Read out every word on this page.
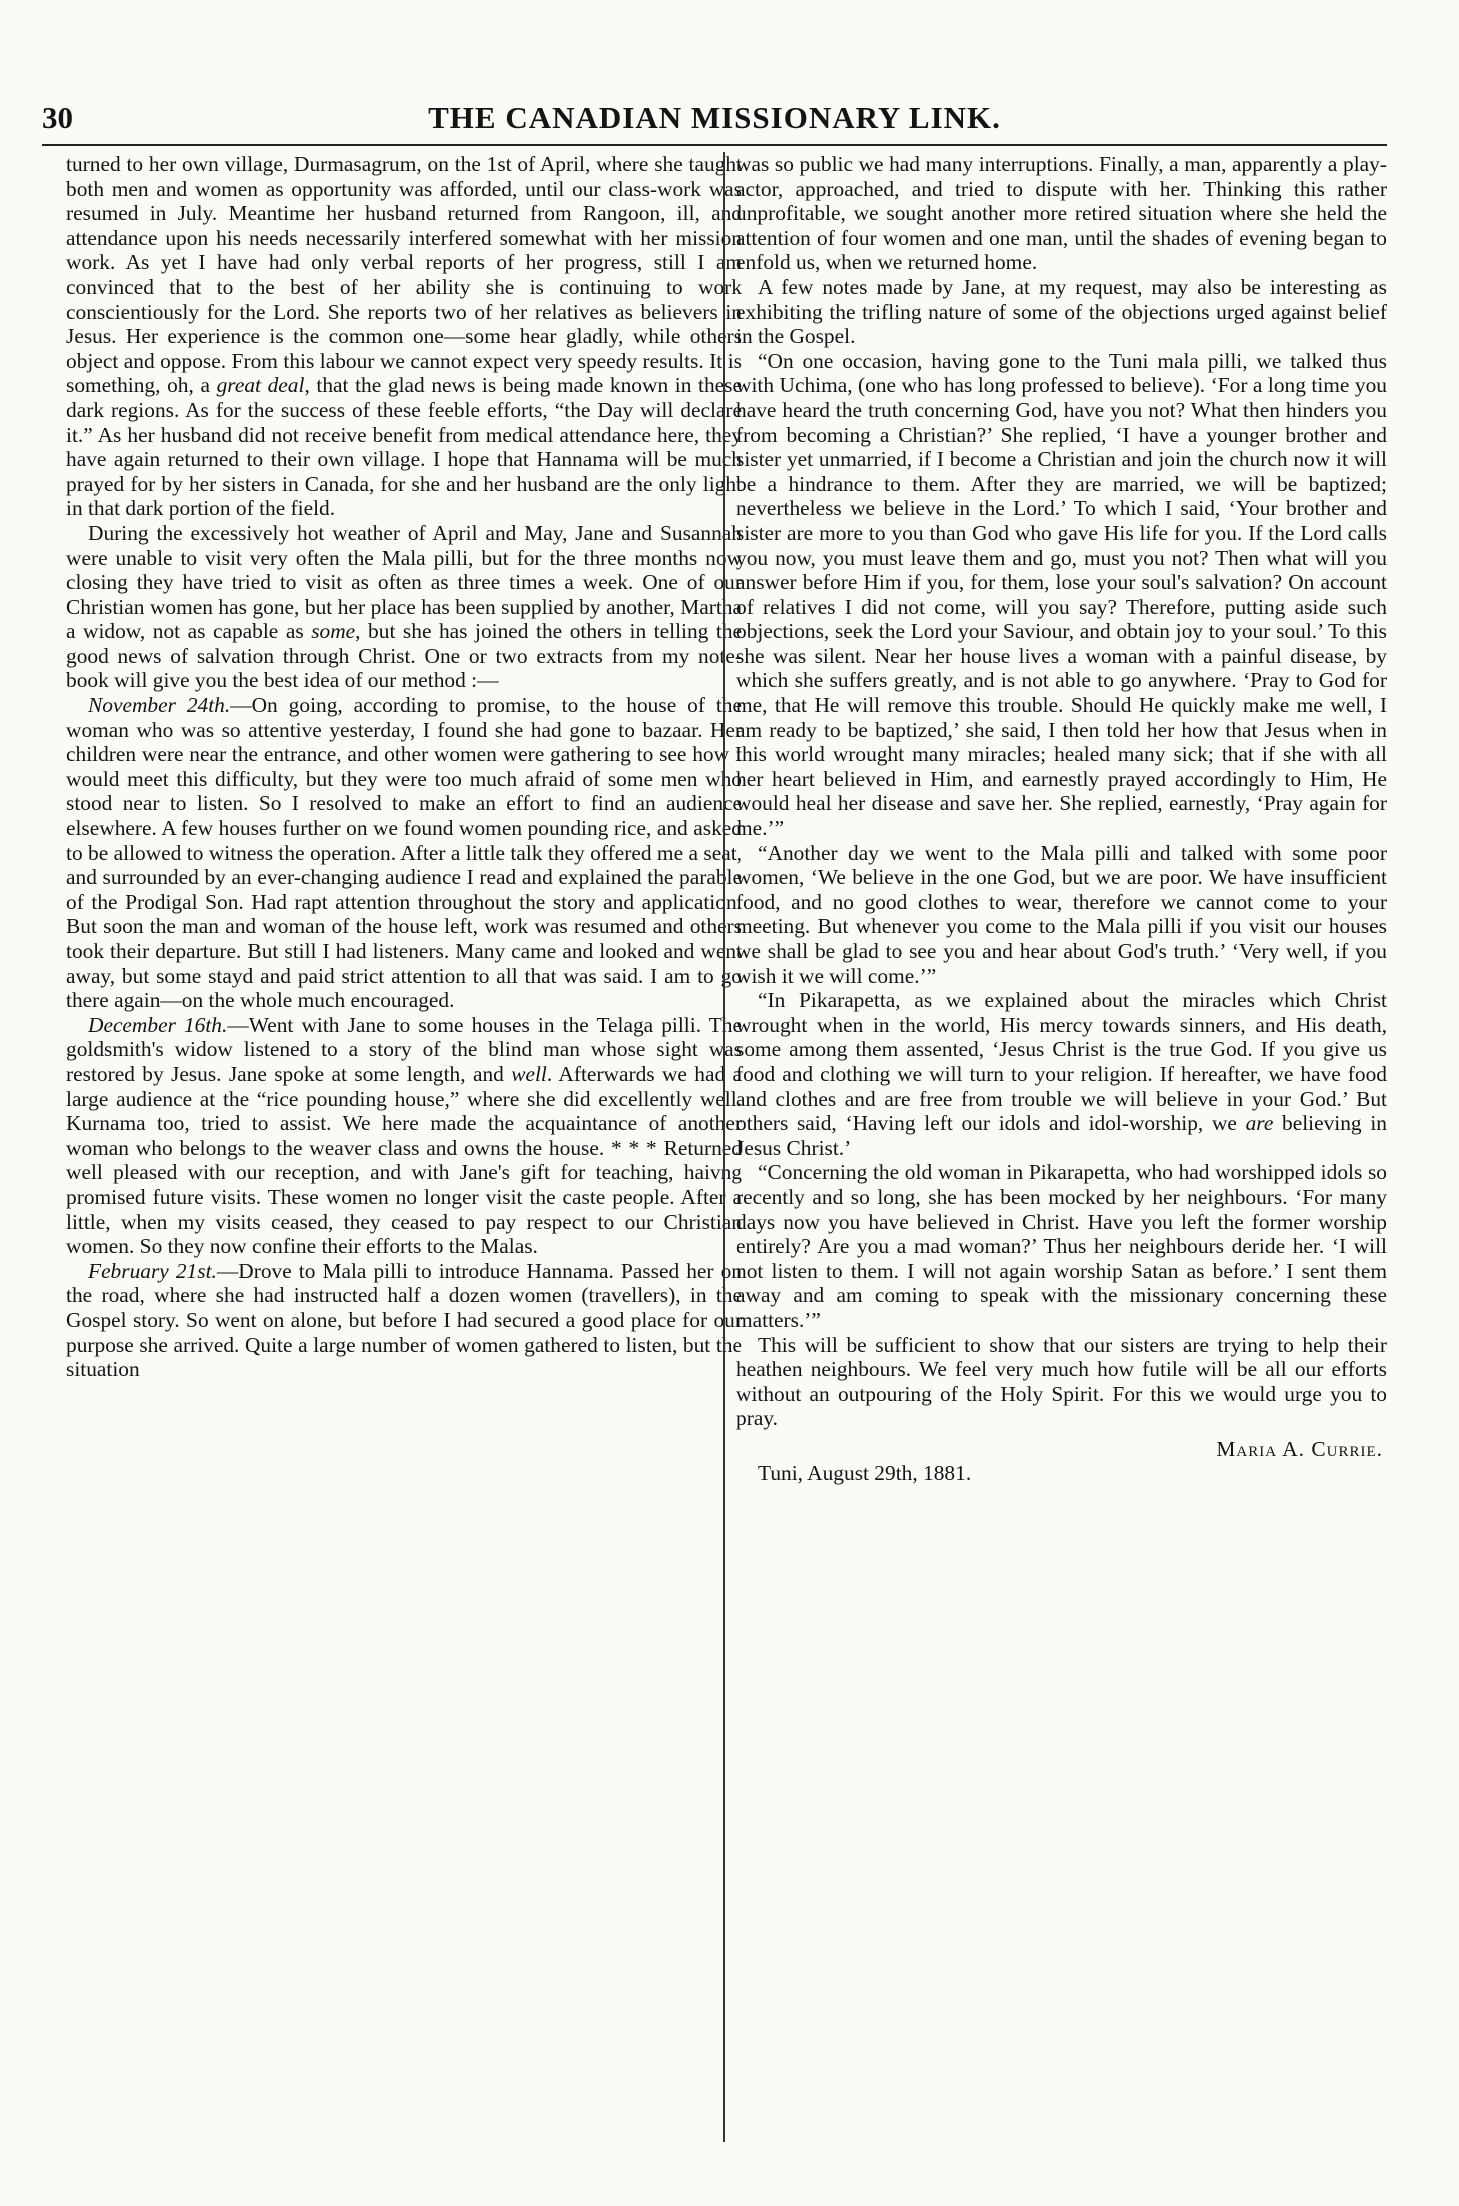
30	THE CANADIAN MISSIONARY LINK.

turned to her own village, Durmasagrum, on the 1st of April, where she taught both men and women as opportunity was afforded, until our class-work was resumed in July. Meantime her husband returned from Rangoon, ill, and attendance upon his needs necessarily interfered somewhat with her mission work. As yet I have had only verbal reports of her progress, still I am convinced that to the best of her ability she is continuing to work conscientiously for the Lord. She reports two of her relatives as believers in Jesus. Her experience is the common one—some hear gladly, while others object and oppose. From this labour we cannot expect very speedy results. It is something, oh, a great deal, that the glad news is being made known in these dark regions. As for the success of these feeble efforts, “the Day will declare it.” As her husband did not receive benefit from medical attendance here, they have again returned to their own village. I hope that Hannama will be much prayed for by her sisters in Canada, for she and her husband are the only light in that dark portion of the field.

During the excessively hot weather of April and May, Jane and Susannah were unable to visit very often the Mala pilli, but for the three months now closing they have tried to visit as often as three times a week. One of our Christian women has gone, but her place has been supplied by another, Martha a widow, not as capable as some, but she has joined the others in telling the good news of salvation through Christ. One or two extracts from my note-book will give you the best idea of our method :—

November 24th.—On going, according to promise, to the house of the woman who was so attentive yesterday, I found she had gone to bazaar. Her children were near the entrance, and other women were gathering to see how I would meet this difficulty, but they were too much afraid of some men who stood near to listen. So I resolved to make an effort to find an audience elsewhere. A few houses further on we found women pounding rice, and asked to be allowed to witness the operation. After a little talk they offered me a seat, and surrounded by an ever-changing audience I read and explained the parable of the Prodigal Son. Had rapt attention throughout the story and application. But soon the man and woman of the house left, work was resumed and others took their departure. But still I had listeners. Many came and looked and went away, but some stayd and paid strict attention to all that was said. I am to go there again—on the whole much encouraged.

December 16th.—Went with Jane to some houses in the Telaga pilli. The goldsmith's widow listened to a story of the blind man whose sight was restored by Jesus. Jane spoke at some length, and well. Afterwards we had a large audience at the “rice pounding house,” where she did excellently well. Kurnama too, tried to assist. We here made the acquaintance of another woman who belongs to the weaver class and owns the house. * * * Returned well pleased with our reception, and with Jane's gift for teaching, haivng promised future visits. These women no longer visit the caste people. After a little, when my visits ceased, they ceased to pay respect to our Christian women. So they now confine their efforts to the Malas.

February 21st.—Drove to Mala pilli to introduce Hannama. Passed her on the road, where she had instructed half a dozen women (travellers), in the Gospel story. So went on alone, but before I had secured a good place for our purpose she arrived. Quite a large number of women gathered to listen, but the situation

was so public we had many interruptions. Finally, a man, apparently a play-actor, approached, and tried to dispute with her. Thinking this rather unprofitable, we sought another more retired situation where she held the attention of four women and one man, until the shades of evening began to enfold us, when we returned home.

A few notes made by Jane, at my request, may also be interesting as exhibiting the trifling nature of some of the objections urged against belief in the Gospel.

“On one occasion, having gone to the Tuni mala pilli, we talked thus with Uchima, (one who has long professed to believe). ‘For a long time you have heard the truth concerning God, have you not? What then hinders you from becoming a Christian?’ She replied, ‘I have a younger brother and sister yet unmarried, if I become a Christian and join the church now it will be a hindrance to them. After they are married, we will be baptized; nevertheless we believe in the Lord.’ To which I said, ‘Your brother and sister are more to you than God who gave His life for you. If the Lord calls you now, you must leave them and go, must you not? Then what will you answer before Him if you, for them, lose your soul's salvation? On account of relatives I did not come, will you say? Therefore, putting aside such objections, seek the Lord your Saviour, and obtain joy to your soul.’ To this she was silent. Near her house lives a woman with a painful disease, by which she suffers greatly, and is not able to go anywhere. ‘Pray to God for me, that He will remove this trouble. Should He quickly make me well, I am ready to be baptized,’ she said, I then told her how that Jesus when in this world wrought many miracles; healed many sick; that if she with all her heart believed in Him, and earnestly prayed accordingly to Him, He would heal her disease and save her. She replied, earnestly, ‘Pray again for me.’”

“Another day we went to the Mala pilli and talked with some poor women, ‘We believe in the one God, but we are poor. We have insufficient food, and no good clothes to wear, therefore we cannot come to your meeting. But whenever you come to the Mala pilli if you visit our houses we shall be glad to see you and hear about God's truth.’ ‘Very well, if you wish it we will come.’”

“In Pikarapetta, as we explained about the miracles which Christ wrought when in the world, His mercy towards sinners, and His death, some among them assented, ‘Jesus Christ is the true God. If you give us food and clothing we will turn to your religion. If hereafter, we have food and clothes and are free from trouble we will believe in your God.’ But others said, ‘Having left our idols and idol-worship, we are believing in Jesus Christ.’

“Concerning the old woman in Pikarapetta, who had worshipped idols so recently and so long, she has been mocked by her neighbours. ‘For many days now you have believed in Christ. Have you left the former worship entirely? Are you a mad woman?’ Thus her neighbours deride her. ‘I will not listen to them. I will not again worship Satan as before.’ I sent them away and am coming to speak with the missionary concerning these matters.’”

This will be sufficient to show that our sisters are trying to help their heathen neighbours. We feel very much how futile will be all our efforts without an outpouring of the Holy Spirit. For this we would urge you to pray.

Maria A. Currie.

Tuni, August 29th, 1881.
